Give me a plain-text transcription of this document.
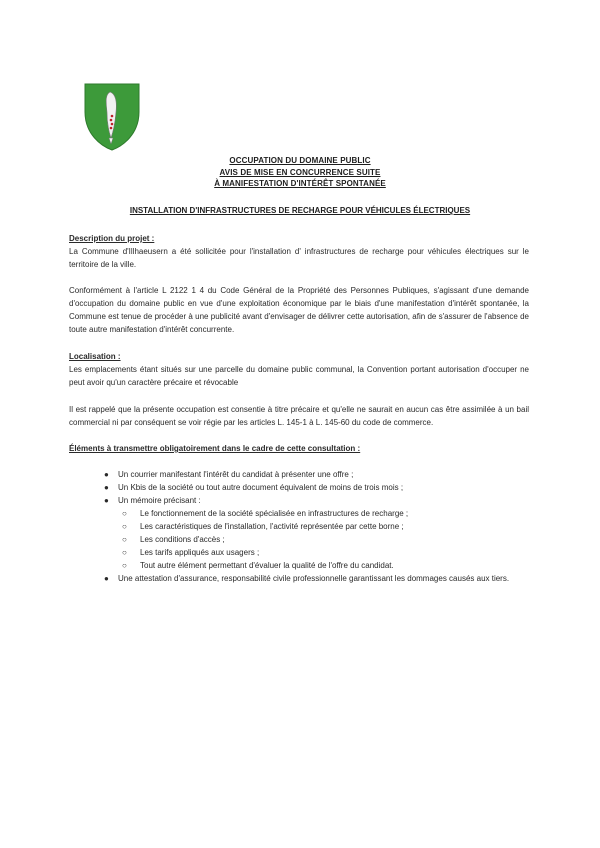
OCCUPATION DU DOMAINE PUBLIC
AVIS DE MISE EN CONCURRENCE SUITE
À MANIFESTATION D'INTÉRÊT SPONTANÉE
INSTALLATION D'INFRASTRUCTURES DE RECHARGE POUR VÉHICULES ÉLECTRIQUES
Description du projet :

La Commune d'Illhaeusern a été sollicitée pour l'installation d' infrastructures de recharge pour véhicules électriques sur le territoire de la ville.

Conformément à l'article L 2122 1 4 du Code Général de la Propriété des Personnes Publiques, s'agissant d'une demande d'occupation du domaine public en vue d'une exploitation économique par le biais d'une manifestation d'intérêt spontanée, la Commune est tenue de procéder à une publicité avant d'envisager de délivrer cette autorisation, afin de s'assurer de l'absence de toute autre manifestation d'intérêt concurrente.

Localisation :

Les emplacements étant situés sur une parcelle du domaine public communal, la Convention portant autorisation d'occuper ne peut avoir qu'un caractère précaire et révocable

Il est rappelé que la présente occupation est consentie à titre précaire et qu'elle ne saurait en aucun cas être assimilée à un bail commercial ni par conséquent se voir régie par les articles L. 145-1 à L. 145-60 du code de commerce.

Éléments à transmettre obligatoirement dans le cadre de cette consultation :
● Un courrier manifestant l'intérêt du candidat à présenter une offre ;
● Un Kbis de la société ou tout autre document équivalent de moins de trois mois ;
● Un mémoire précisant :
○ Le fonctionnement de la société spécialisée en infrastructures de recharge ;
○ Les caractéristiques de l'installation, l'activité représentée par cette borne ;
○ Les conditions d'accès ;
○ Les tarifs appliqués aux usagers ;
○ Tout autre élément permettant d'évaluer la qualité de l'offre du candidat.
● Une attestation d'assurance, responsabilité civile professionnelle garantissant les dommages causés aux tiers.
